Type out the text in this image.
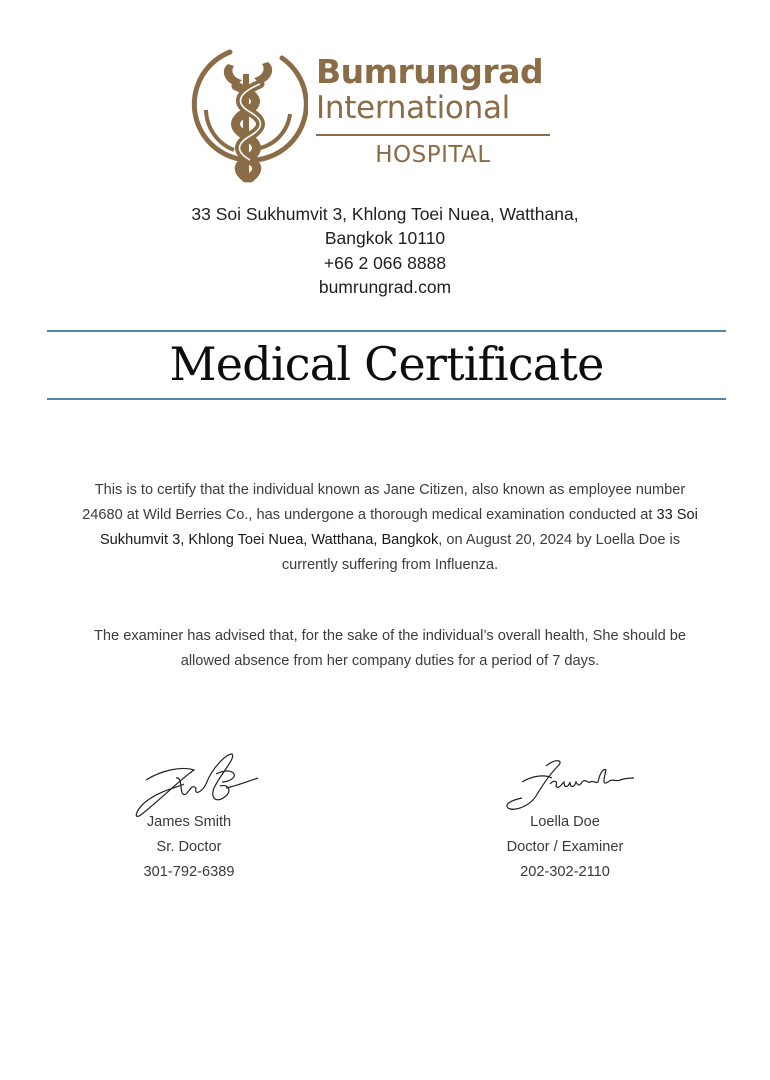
Bumrungrad
International
HOSPITAL
33 Soi Sukhumvit 3, Khlong Toei Nuea, Watthana,
Bangkok 10110
+66 2 066 8888
bumrungrad.com
Medical Certificate
This is to certify that the individual known as Jane Citizen, also known as employee number 24680 at Wild Berries Co., has undergone a thorough medical examination conducted at 33 Soi Sukhumvit 3, Khlong Toei Nuea, Watthana, Bangkok, on August 20, 2024 by Loella Doe is currently suffering from Influenza.
The examiner has advised that, for the sake of the individual’s overall health, She should be allowed absence from her company duties for a period of 7 days.
James Smith
Sr. Doctor
301-792-6389
Loella Doe
Doctor / Examiner
202-302-2110
